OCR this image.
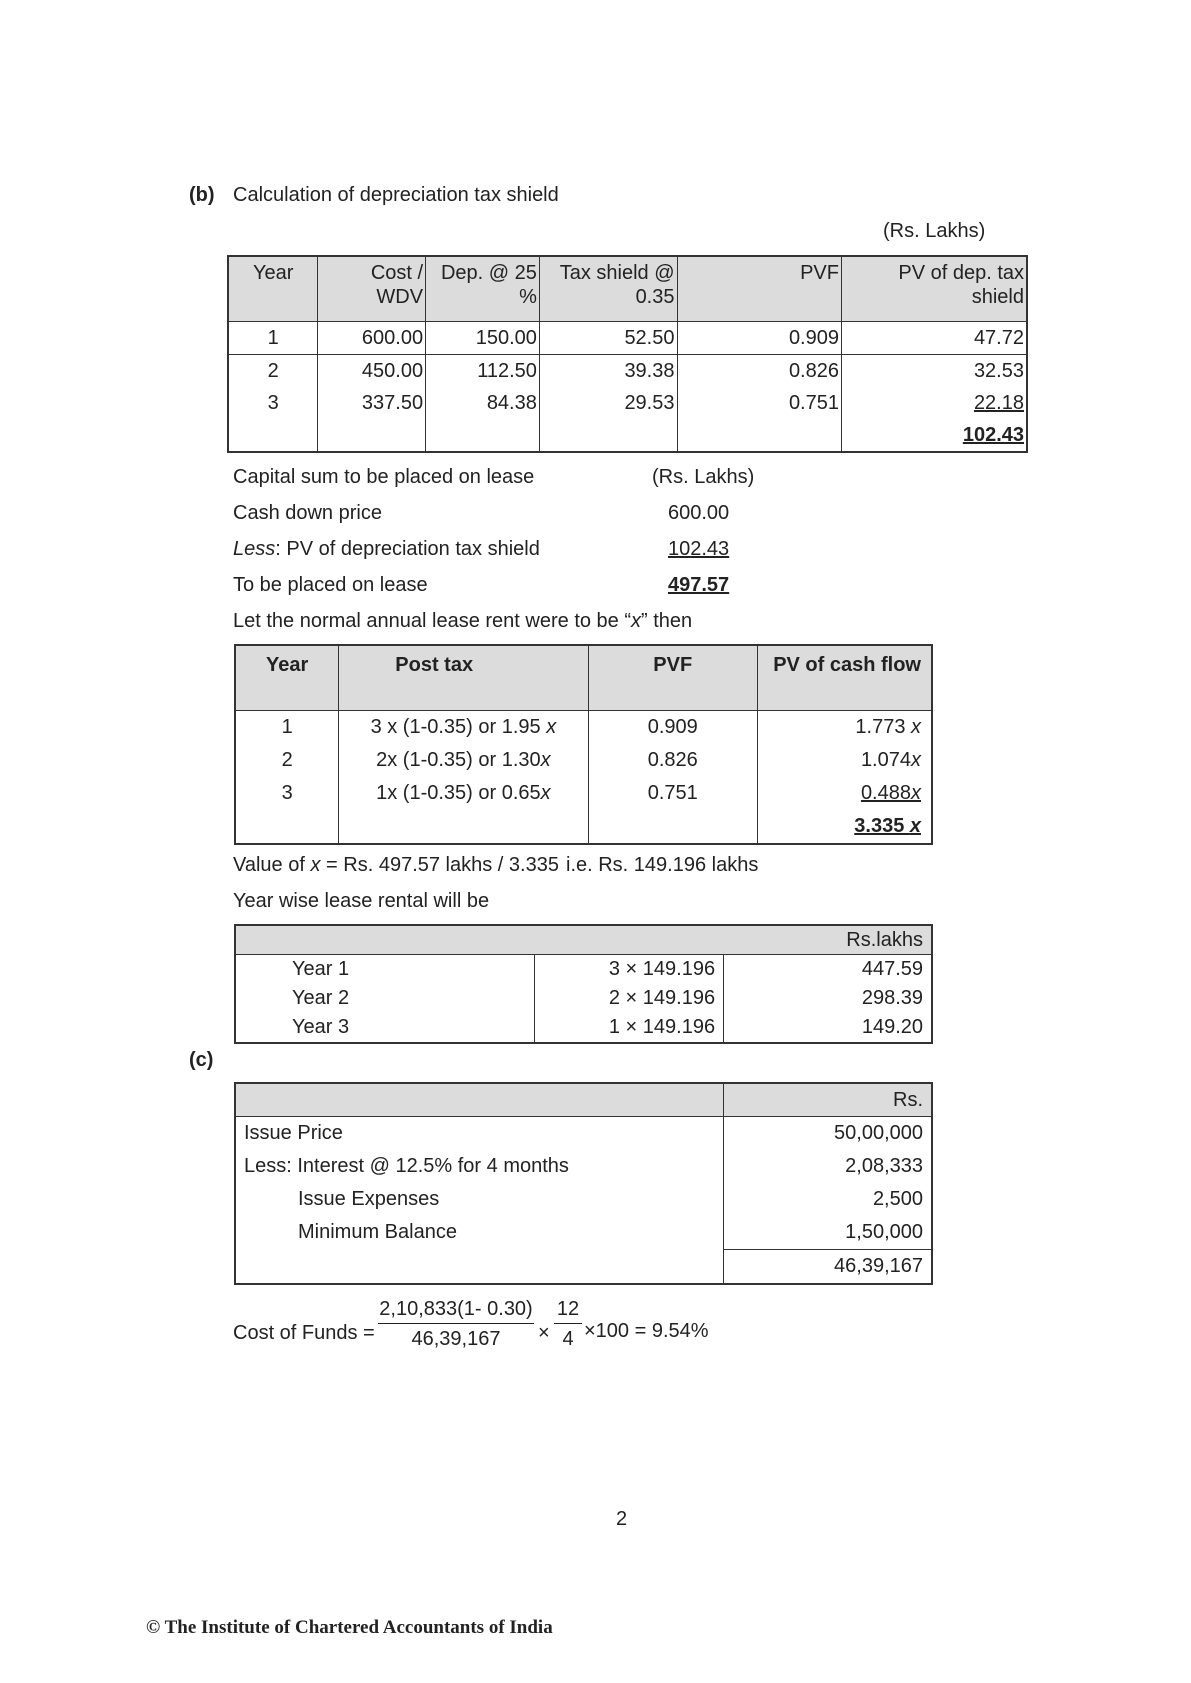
(b) Calculation of depreciation tax shield
(Rs. Lakhs)
Year	Cost / WDV	Dep. @ 25 %	Tax shield @ 0.35	PVF	PV of dep. tax shield
1	600.00	150.00	52.50	0.909	47.72
2	450.00	112.50	39.38	0.826	32.53
3	337.50	84.38	29.53	0.751	22.18
					102.43
Capital sum to be placed on lease	(Rs. Lakhs)
Cash down price	600.00
Less: PV of depreciation tax shield	102.43
To be placed on lease	497.57
Let the normal annual lease rent were to be “x” then
Year	Post tax	PVF	PV of cash flow
1	3 x (1-0.35) or 1.95 x	0.909	1.773 x
2	2x (1-0.35) or 1.30x	0.826	1.074x
3	1x (1-0.35) or 0.65x	0.751	0.488x
			3.335 x
Value of x = Rs. 497.57 lakhs / 3.335 i.e. Rs. 149.196 lakhs
Year wise lease rental will be
Rs.lakhs		
Year 1	3 × 149.196	447.59
Year 2	2 × 149.196	298.39
Year 3	1 × 149.196	149.20
(c)
	Rs.
Issue Price	50,00,000
Less: Interest @ 12.5% for 4 months	2,08,333
Issue Expenses	2,500
Minimum Balance	1,50,000
	46,39,167
Cost of Funds = $\frac{2,10,833(1- 0.30)}{46,39,167} \times \frac{12}{4} \times 100 = 9.54\%$
2
© The Institute of Chartered Accountants of India
